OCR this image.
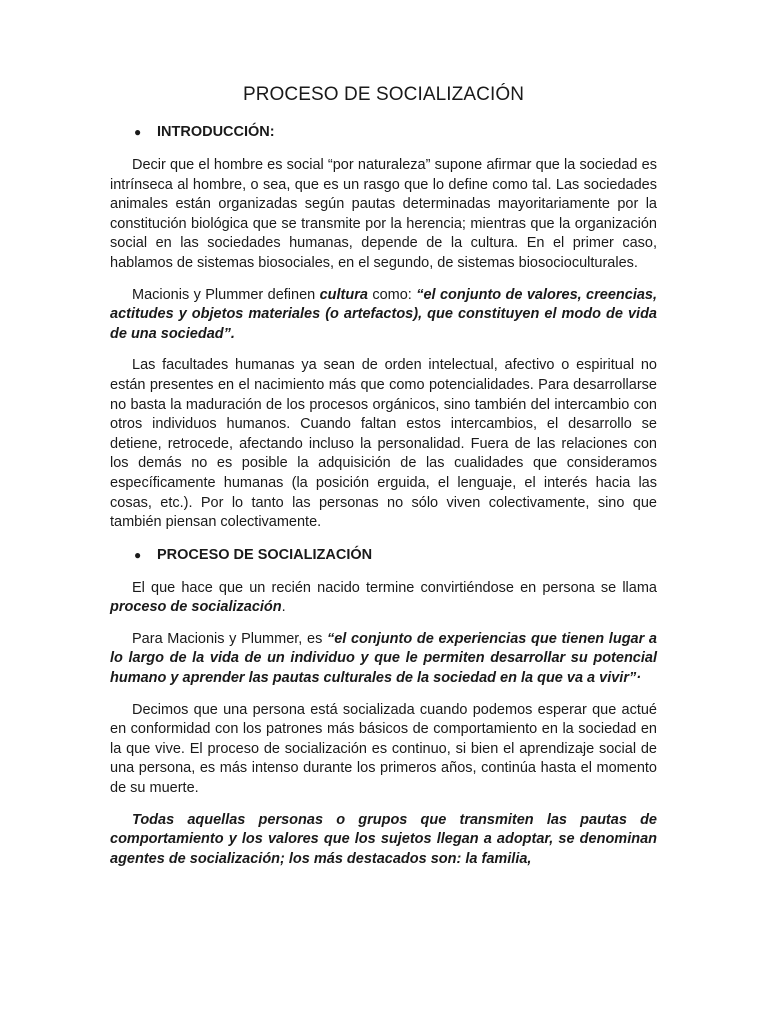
PROCESO DE SOCIALIZACIÓN
● INTRODUCCIÓN:

Decir que el hombre es social “por naturaleza” supone afirmar que la sociedad es intrínseca al hombre, o sea, que es un rasgo que lo define como tal. Las sociedades animales están organizadas según pautas determinadas mayoritariamente por la constitución biológica que se transmite por la herencia; mientras que la organización social en las sociedades humanas, depende de la cultura. En el primer caso, hablamos de sistemas biosociales, en el segundo, de sistemas biosocioculturales.

Macionis y Plummer definen cultura como: “el conjunto de valores, creencias, actitudes y objetos materiales (o artefactos), que constituyen el modo de vida de una sociedad”.

Las facultades humanas ya sean de orden intelectual, afectivo o espiritual no están presentes en el nacimiento más que como potencialidades. Para desarrollarse no basta la maduración de los procesos orgánicos, sino también del intercambio con otros individuos humanos. Cuando faltan estos intercambios, el desarrollo se detiene, retrocede, afectando incluso la personalidad. Fuera de las relaciones con los demás no es posible la adquisición de las cualidades que consideramos específicamente humanas (la posición erguida, el lenguaje, el interés hacia las cosas, etc.). Por lo tanto las personas no sólo viven colectivamente, sino que también piensan colectivamente.

● PROCESO DE SOCIALIZACIÓN

El que hace que un recién nacido termine convirtiéndose en persona se llama proceso de socialización.

Para Macionis y Plummer, es “el conjunto de experiencias que tienen lugar a lo largo de la vida de un individuo y que le permiten desarrollar su potencial humano y aprender las pautas culturales de la sociedad en la que va a vivir”·

Decimos que una persona está socializada cuando podemos esperar que actué en conformidad con los patrones más básicos de comportamiento en la sociedad en la que vive. El proceso de socialización es continuo, si bien el aprendizaje social de una persona, es más intenso durante los primeros años, continúa hasta el momento de su muerte.

Todas aquellas personas o grupos que transmiten las pautas de comportamiento y los valores que los sujetos llegan a adoptar, se denominan agentes de socialización; los más destacados son: la familia,
